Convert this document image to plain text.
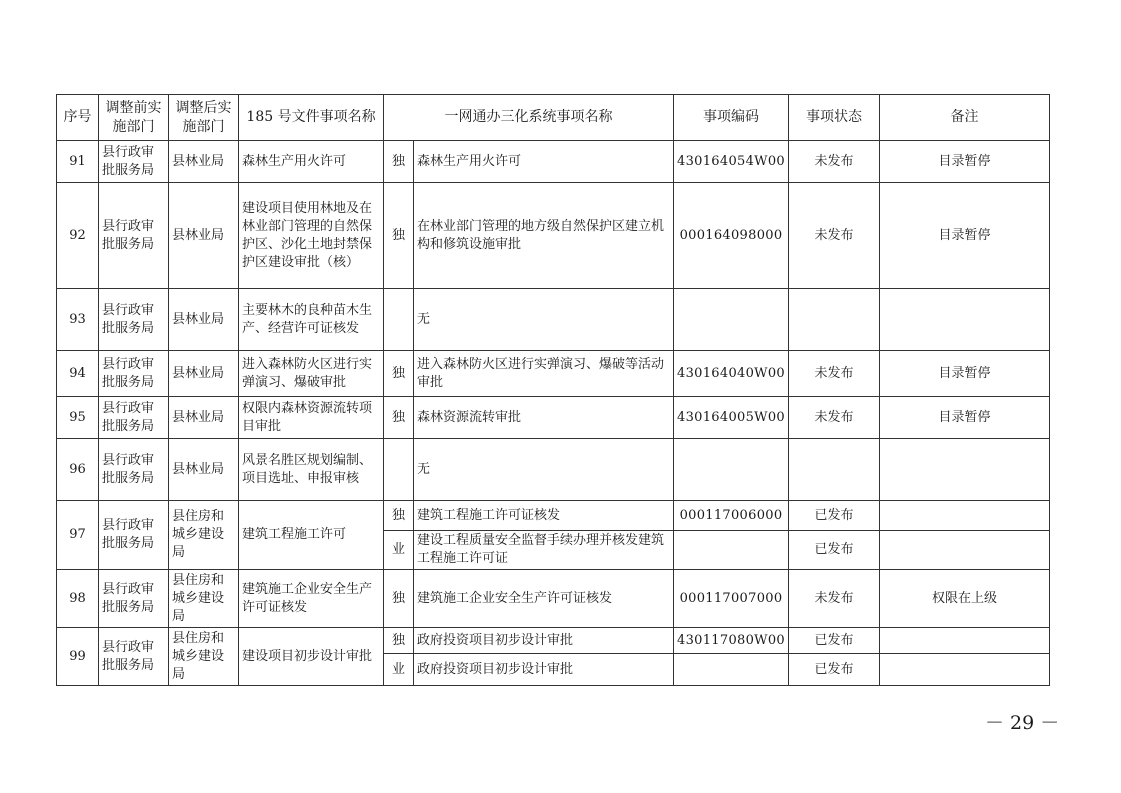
序号	调整前实施部门	调整后实施部门	185 号文件事项名称	一网通办三化系统事项名称		事项编码	事项状态	备注
91	县行政审批服务局	县林业局	森林生产用火许可	独	森林生产用火许可	430164054W00	未发布	目录暂停
92	县行政审批服务局	县林业局	建设项目使用林地及在林业部门管理的自然保护区、沙化土地封禁保护区建设审批（核）	独	在林业部门管理的地方级自然保护区建立机构和修筑设施审批	000164098000	未发布	目录暂停
93	县行政审批服务局	县林业局	主要林木的良种苗木生产、经营许可证核发		无			
94	县行政审批服务局	县林业局	进入森林防火区进行实弹演习、爆破审批	独	进入森林防火区进行实弹演习、爆破等活动审批	430164040W00	未发布	目录暂停
95	县行政审批服务局	县林业局	权限内森林资源流转项目审批	独	森林资源流转审批	430164005W00	未发布	目录暂停
96	县行政审批服务局	县林业局	风景名胜区规划编制、项目选址、申报审核		无			
97	县行政审批服务局	县住房和城乡建设局	建筑工程施工许可	独	建筑工程施工许可证核发	000117006000	已发布	
				业	建设工程质量安全监督手续办理并核发建筑工程施工许可证		已发布	
98	县行政审批服务局	县住房和城乡建设局	建筑施工企业安全生产许可证核发	独	建筑施工企业安全生产许可证核发	000117007000	未发布	权限在上级
99	县行政审批服务局	县住房和城乡建设局	建设项目初步设计审批	独	政府投资项目初步设计审批	430117080W00	已发布	
				业	政府投资项目初步设计审批		已发布	
－ 29 －
